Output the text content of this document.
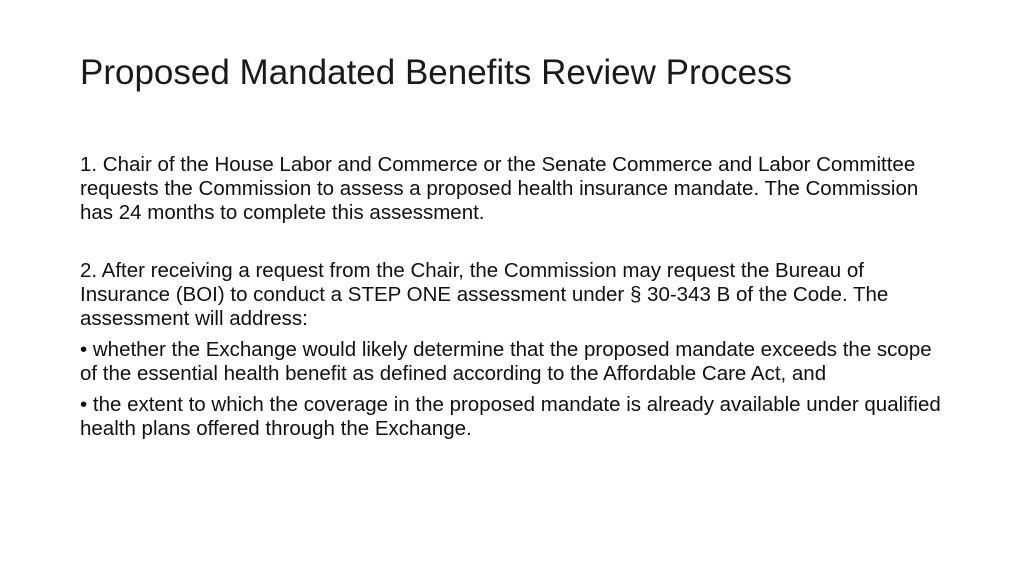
Proposed Mandated Benefits Review Process

1. Chair of the House Labor and Commerce or the Senate Commerce and Labor Committee requests the Commission to assess a proposed health insurance mandate. The Commission has 24 months to complete this assessment.

2. After receiving a request from the Chair, the Commission may request the Bureau of Insurance (BOI) to conduct a STEP ONE assessment under § 30-343 B of the Code. The assessment will address:

• whether the Exchange would likely determine that the proposed mandate exceeds the scope of the essential health benefit as defined according to the Affordable Care Act, and

• the extent to which the coverage in the proposed mandate is already available under qualified health plans offered through the Exchange.
